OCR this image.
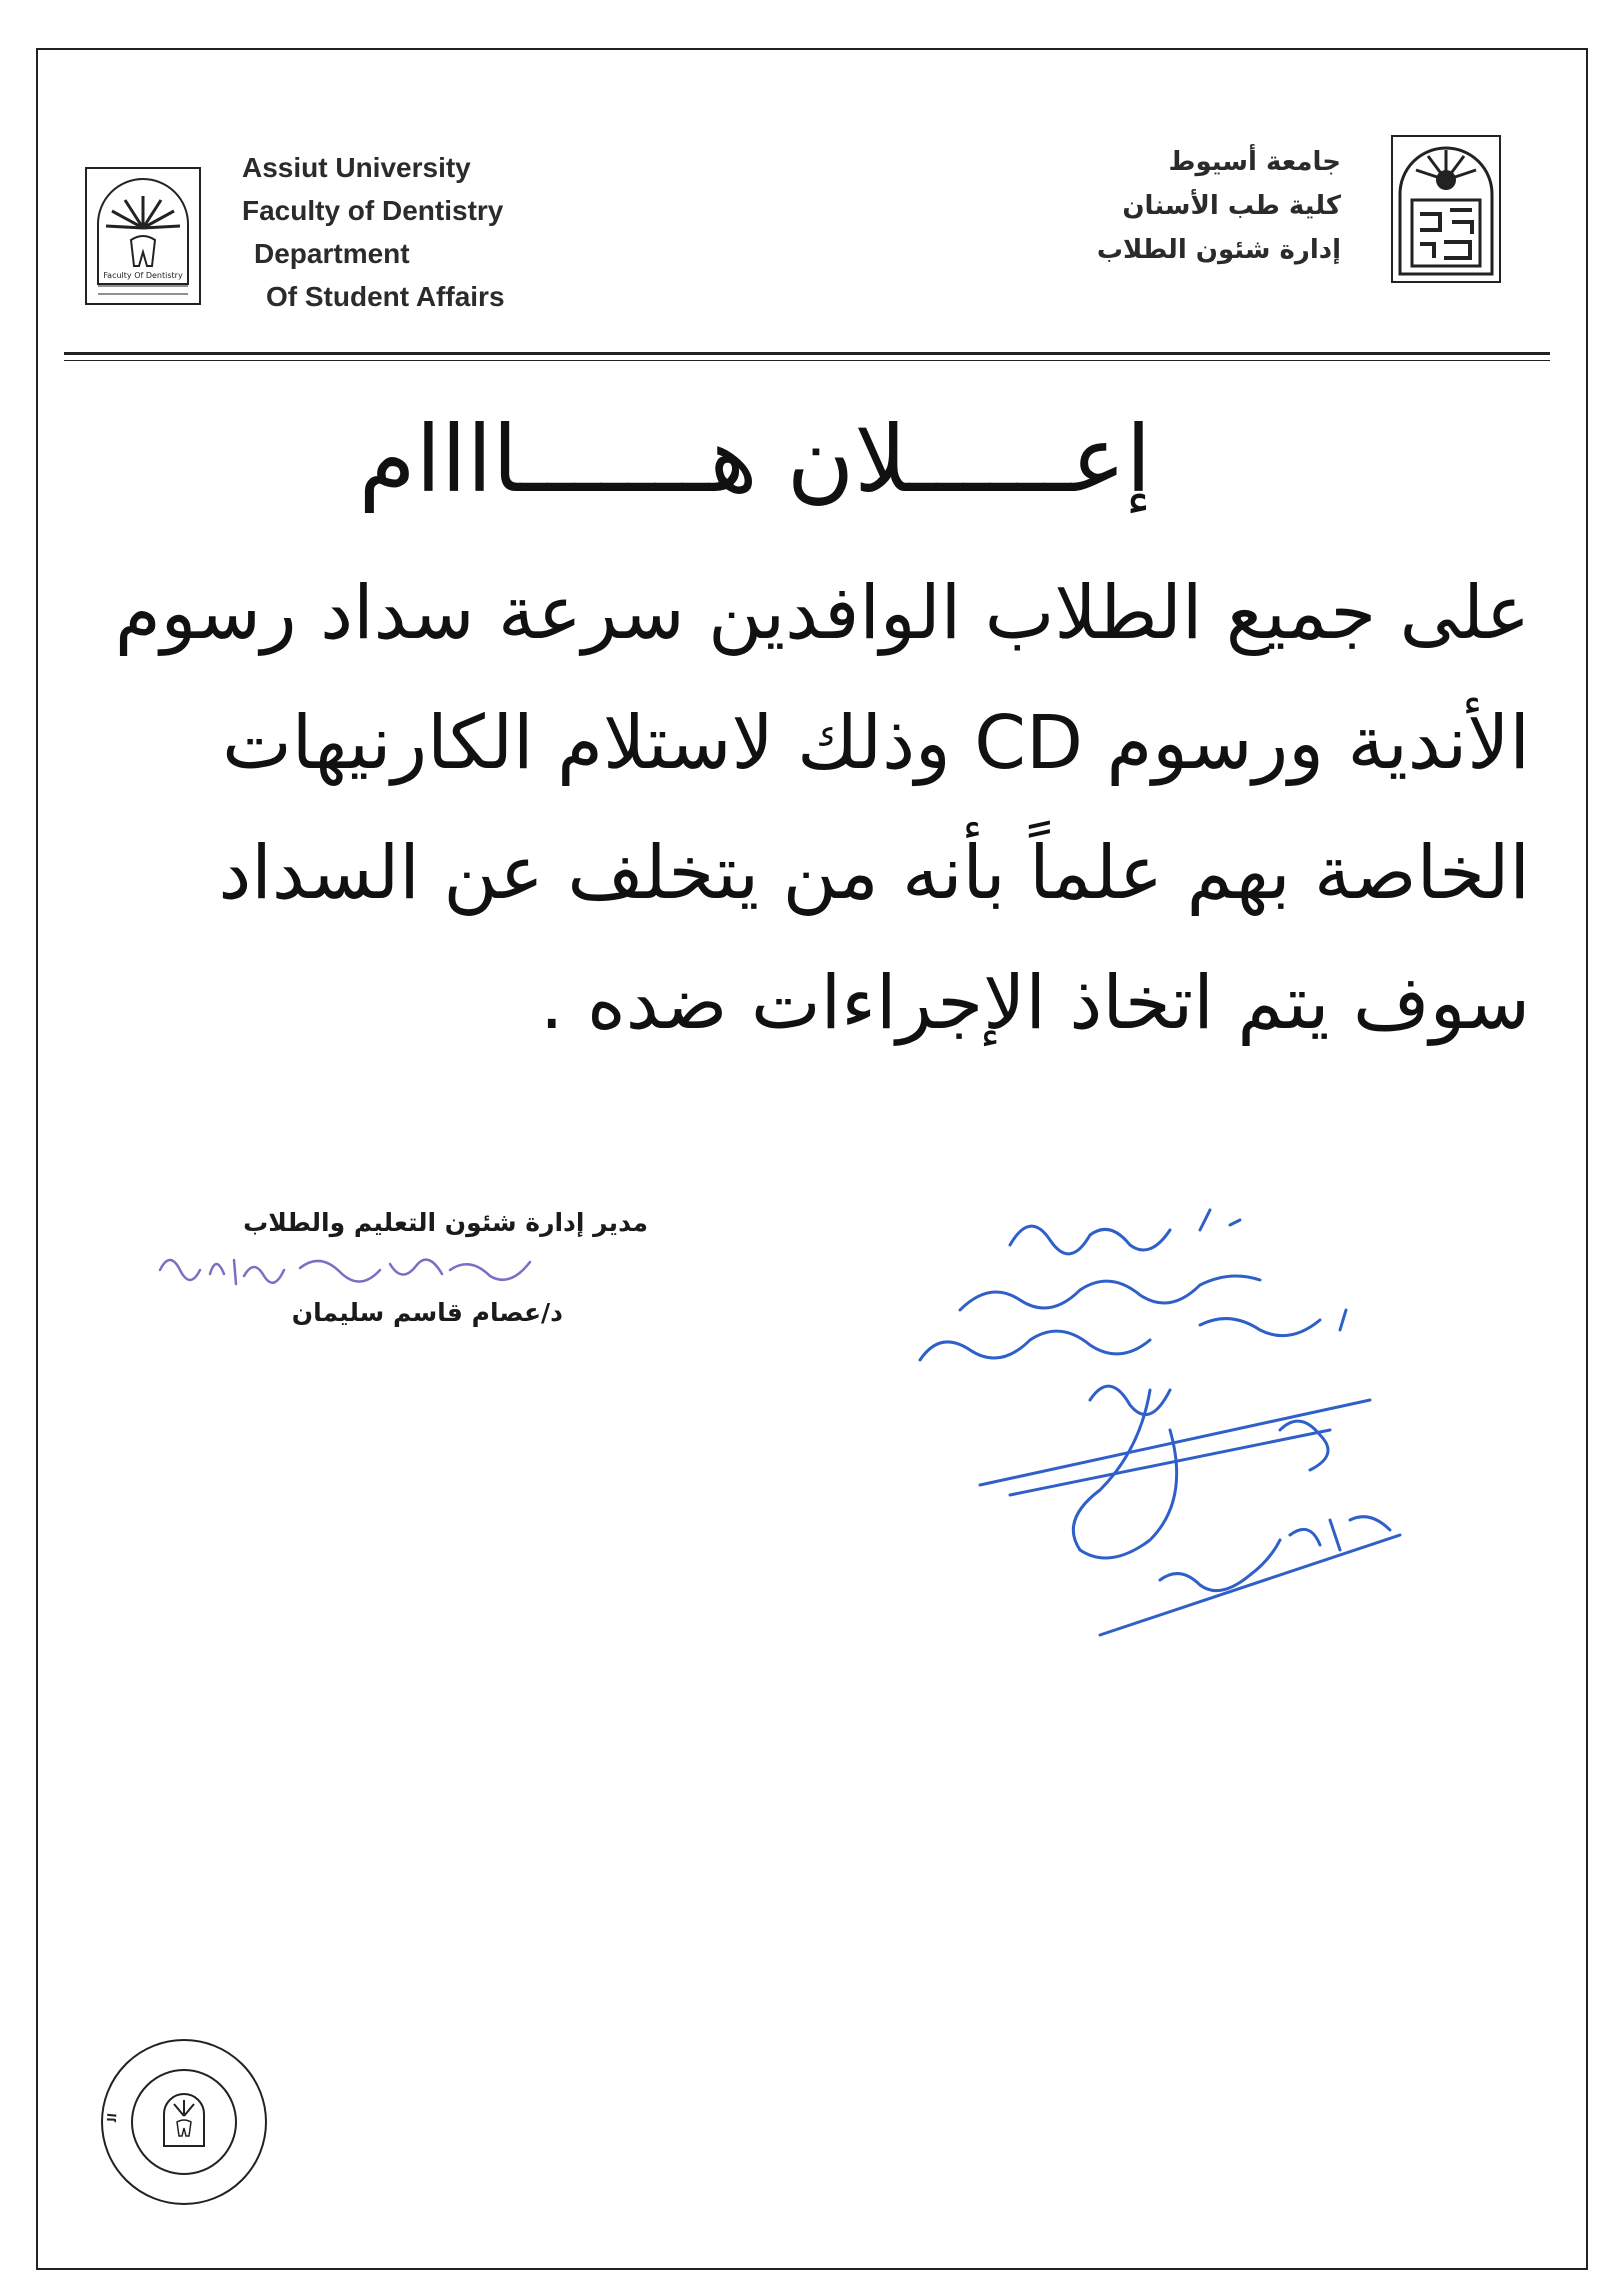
Faculty Of Dentistry
Assiut University
Faculty of Dentistry
Department
Of Student Affairs
جامعة أسيوط
كلية طب الأسنان
إدارة شئون الطلاب
إعــــــلان هـــــــاااام
على جميع الطلاب الوافدين سرعة سداد رسوم
الأندية ورسوم CD وذلك لاستلام الكارنيهات
الخاصة بهم علماً بأنه من يتخلف عن السداد
سوف يتم اتخاذ الإجراءات ضده .
مدير إدارة شئون التعليم والطلاب
د/عصام قاسم سليمان
الصفحة الرسمية لكلية طب الأسنان جامعة أسيوط
